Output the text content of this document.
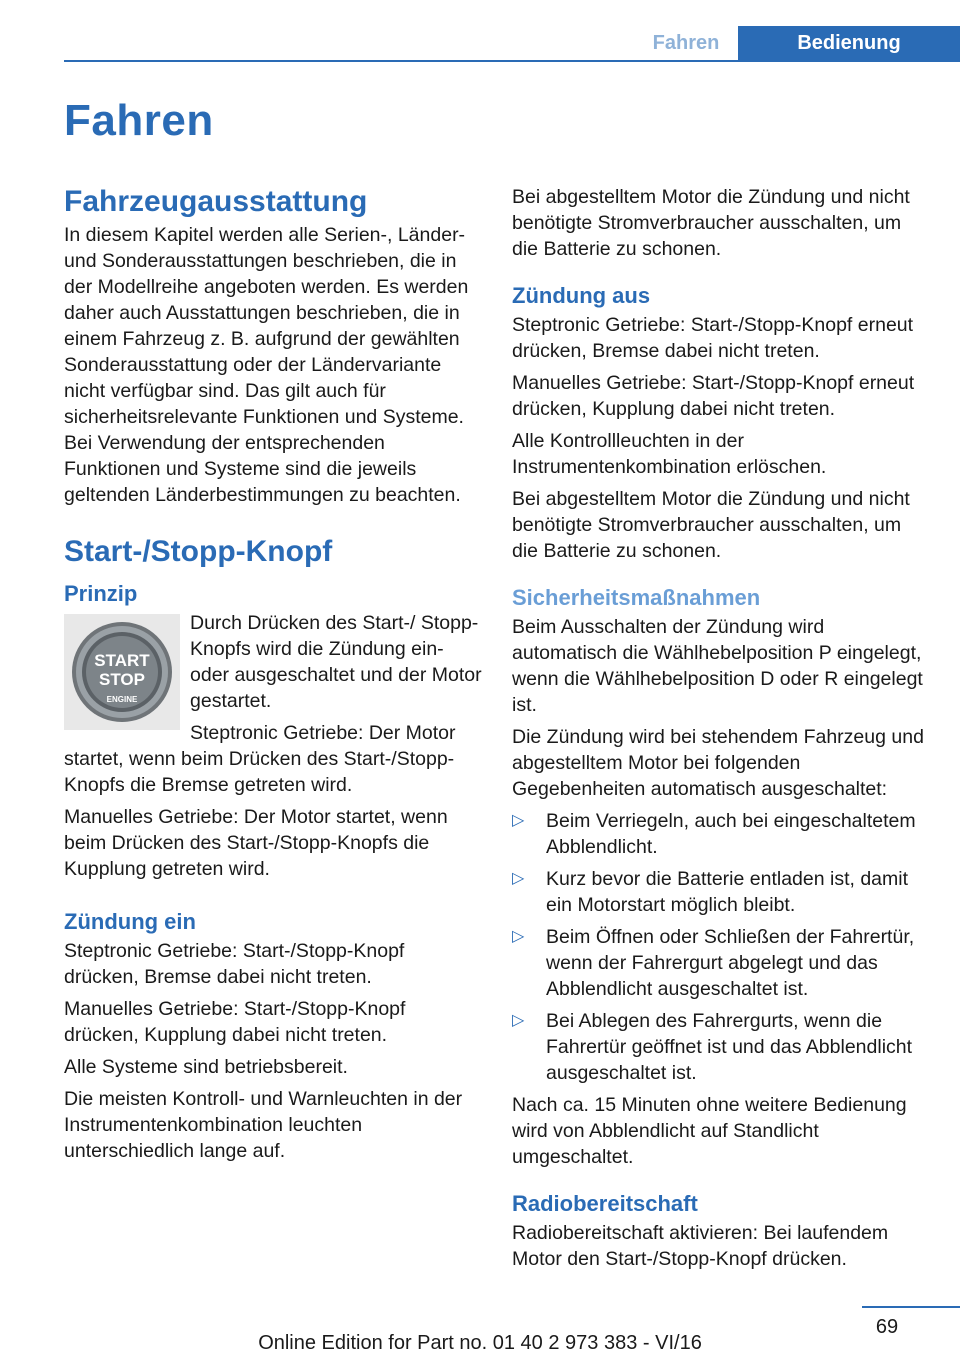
Fahren	Bedienung
Fahren
Fahrzeugausstattung

In diesem Kapitel werden alle Serien-, Länder- und Sonderausstattungen beschrieben, die in der Modellreihe angeboten werden. Es werden daher auch Ausstattungen beschrieben, die in einem Fahrzeug z. B. aufgrund der gewählten Sonderausstattung oder der Ländervariante nicht verfügbar sind. Das gilt auch für sicherheitsrelevante Funktionen und Systeme. Bei Verwendung der entsprechenden Funktionen und Systeme sind die jeweils geltenden Länderbestimmungen zu beachten.

Start-/Stopp-Knopf
Prinzip
START
STOP
ENGINE

Durch Drücken des Start-/ Stopp-Knopfs wird die Zündung ein- oder ausgeschaltet und der Motor gestartet.

Steptronic Getriebe: Der Motor startet, wenn beim Drücken des Start-/Stopp-Knopfs die Bremse getreten wird.

Manuelles Getriebe: Der Motor startet, wenn beim Drücken des Start-/Stopp-Knopfs die Kupplung getreten wird.

Zündung ein

Steptronic Getriebe: Start-/Stopp-Knopf drücken, Bremse dabei nicht treten.

Manuelles Getriebe: Start-/Stopp-Knopf drücken, Kupplung dabei nicht treten.

Alle Systeme sind betriebsbereit.

Die meisten Kontroll- und Warnleuchten in der Instrumentenkombination leuchten unterschiedlich lange auf.

Bei abgestelltem Motor die Zündung und nicht benötigte Stromverbraucher ausschalten, um die Batterie zu schonen.

Zündung aus

Steptronic Getriebe: Start-/Stopp-Knopf erneut drücken, Bremse dabei nicht treten.

Manuelles Getriebe: Start-/Stopp-Knopf erneut drücken, Kupplung dabei nicht treten.

Alle Kontrollleuchten in der Instrumentenkombination erlöschen.

Bei abgestelltem Motor die Zündung und nicht benötigte Stromverbraucher ausschalten, um die Batterie zu schonen.

Sicherheitsmaßnahmen

Beim Ausschalten der Zündung wird automatisch die Wählhebelposition P eingelegt, wenn die Wählhebelposition D oder R eingelegt ist.

Die Zündung wird bei stehendem Fahrzeug und abgestelltem Motor bei folgenden Gegebenheiten automatisch ausgeschaltet:

▷ Beim Verriegeln, auch bei eingeschaltetem Abblendlicht.
▷ Kurz bevor die Batterie entladen ist, damit ein Motorstart möglich bleibt.
▷ Beim Öffnen oder Schließen der Fahrertür, wenn der Fahrergurt abgelegt und das Abblendlicht ausgeschaltet ist.
▷ Bei Ablegen des Fahrergurts, wenn die Fahrertür geöffnet ist und das Abblendlicht ausgeschaltet ist.

Nach ca. 15 Minuten ohne weitere Bedienung wird von Abblendlicht auf Standlicht umgeschaltet.

Radiobereitschaft

Radiobereitschaft aktivieren: Bei laufendem Motor den Start-/Stopp-Knopf drücken.

69
Online Edition for Part no. 01 40 2 973 383 - VI/16
